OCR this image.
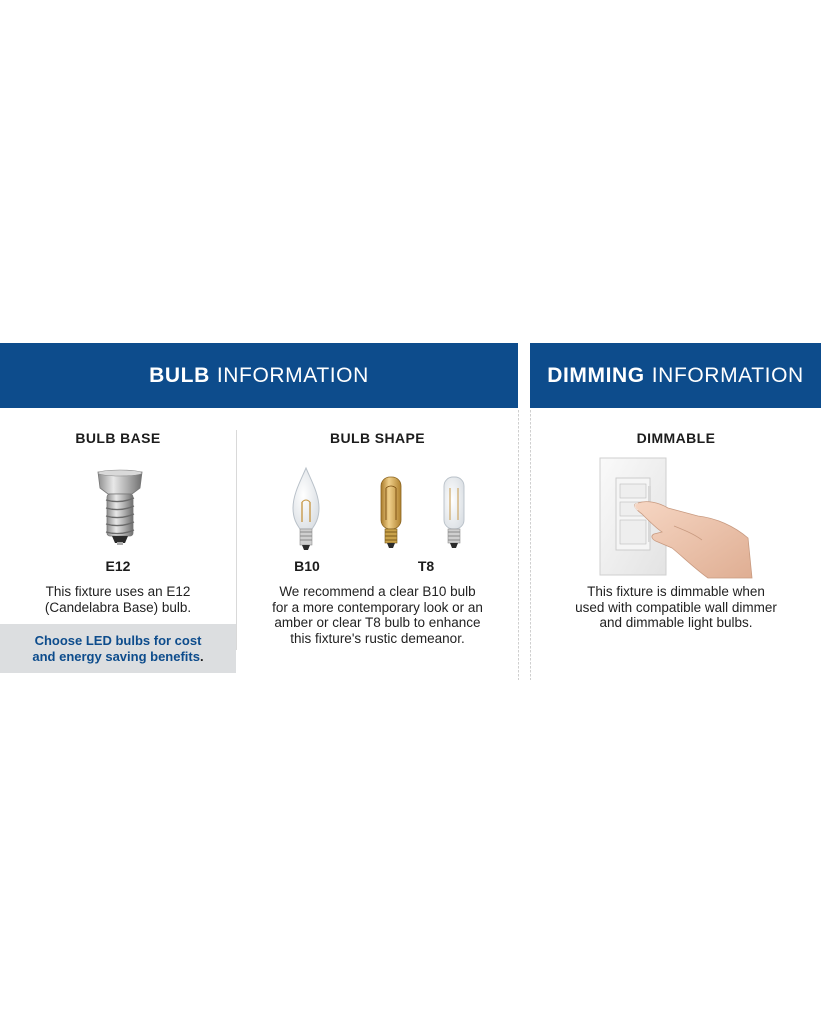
BULB INFORMATION	DIMMING INFORMATION
BULB BASE
E12
This fixture uses an E12
(Candelabra Base) bulb.
Choose LED bulbs for cost
and energy saving benefits.
BULB SHAPE
B10	T8
We recommend a clear B10 bulb
for a more contemporary look or an
amber or clear T8 bulb to enhance
this fixture's rustic demeanor.
DIMMABLE
This fixture is dimmable when
used with compatible wall dimmer
and dimmable light bulbs.
